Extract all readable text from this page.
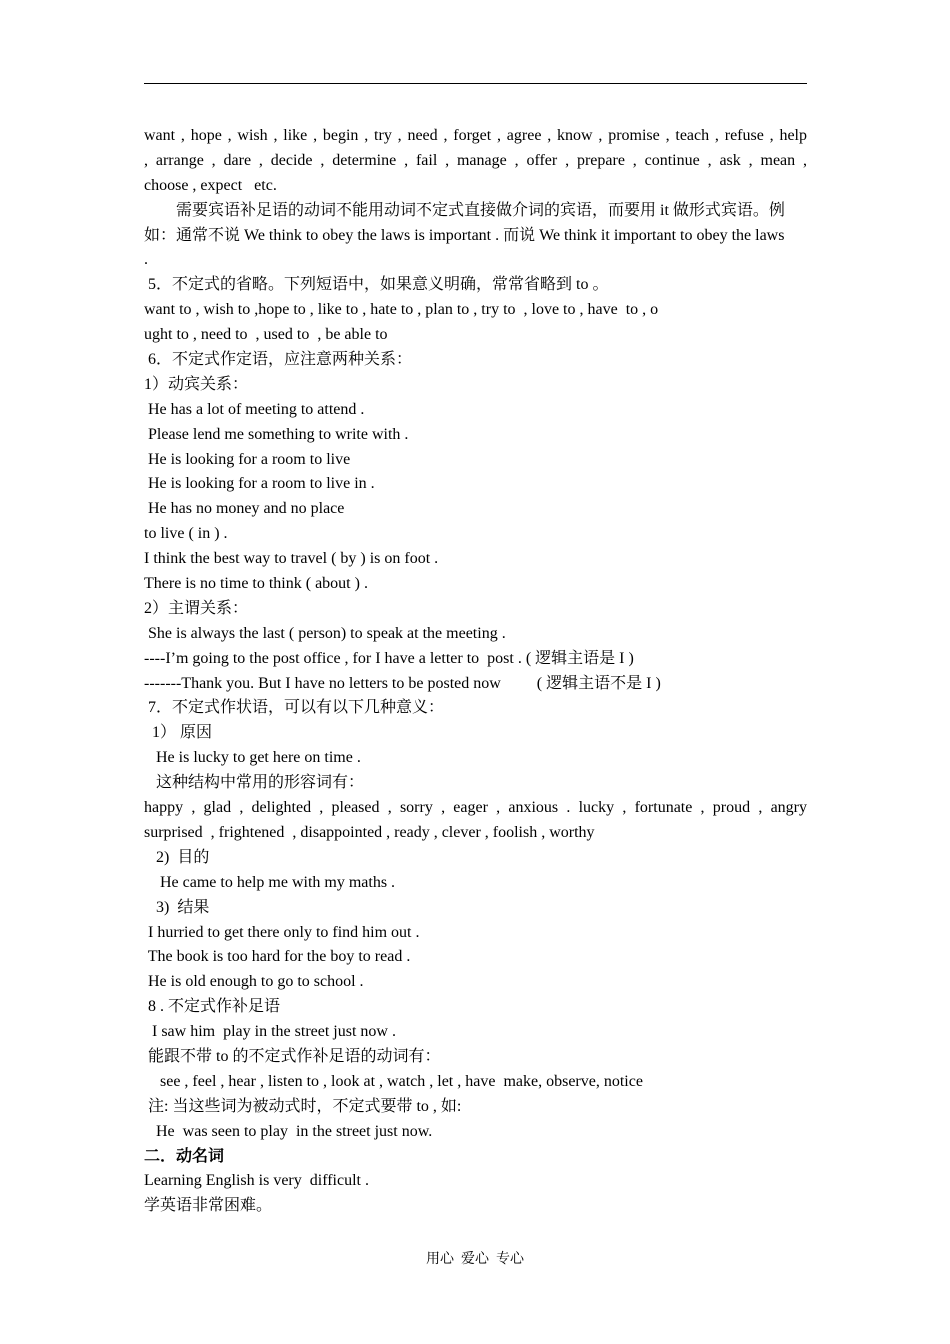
want , hope , wish , like , begin , try , need , forget , agree , know , promise , teach , refuse , help
, arrange , dare , decide , determine , fail , manage , offer , prepare , continue , ask , mean ,
choose , expect   etc.
需要宾语补足语的动词不能用动词不定式直接做介词的宾语，而要用 it 做形式宾语。例
如：通常不说 We think to obey the laws is important . 而说 We think it important to obey the laws
.
5．不定式的省略。下列短语中，如果意义明确，常常省略到 to 。
want to , wish to ,hope to , like to , hate to , plan to , try to  , love to , have  to , o
ught to , need to  , used to  , be able to
6．不定式作定语，应注意两种关系：
1）动宾关系：
He has a lot of meeting to attend .
Please lend me something to write with .
He is looking for a room to live
He is looking for a room to live in .
He has no money and no place
to live ( in ) .
I think the best way to travel ( by ) is on foot .
There is no time to think ( about ) .
2）主谓关系：
She is always the last ( person) to speak at the meeting .
----I’m going to the post office , for I have a letter to  post . ( 逻辑主语是 I )
-------Thank you. But I have no letters to be posted now         ( 逻辑主语不是 I )
7．不定式作状语，可以有以下几种意义：
1） 原因
He is lucky to get here on time .
这种结构中常用的形容词有：
happy , glad , delighted , pleased , sorry , eager , anxious . lucky , fortunate , proud , angry
surprised  , frightened  , disappointed , ready , clever , foolish , worthy
2)  目的
He came to help me with my maths .
3)  结果
I hurried to get there only to find him out .
The book is too hard for the boy to read .
He is old enough to go to school .
8 . 不定式作补足语
I saw him  play in the street just now .
能跟不带 to 的不定式作补足语的动词有：
see , feel , hear , listen to , look at , watch , let , have  make, observe, notice
注: 当这些词为被动式时，不定式要带 to , 如:
He  was seen to play  in the street just now.
二．动名词
Learning English is very  difficult .
学英语非常困难。
用心  爱心  专心
